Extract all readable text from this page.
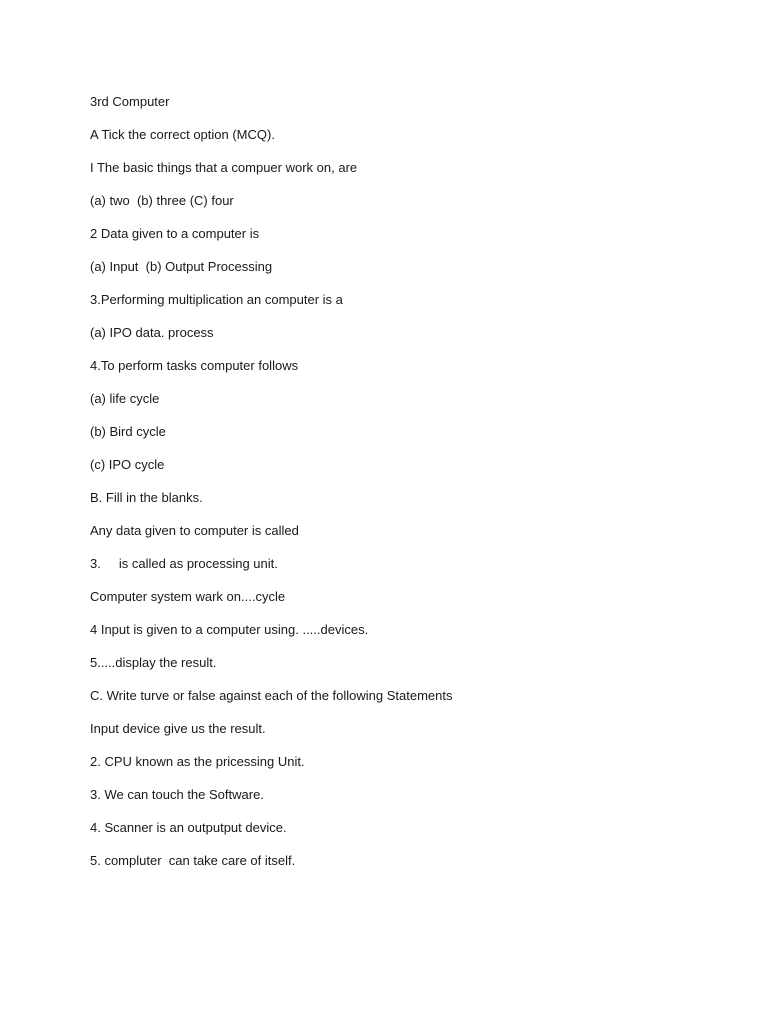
3rd Computer

A Tick the correct option (MCQ).

I The basic things that a compuer work on, are

(a) two  (b) three (C) four

2 Data given to a computer is

(a) Input  (b) Output Processing

3.Performing multiplication an computer is a

(a) IPO data. process

4.To perform tasks computer follows

(a) life cycle

(b) Bird cycle

(c) IPO cycle

B. Fill in the blanks.

Any data given to computer is called

3.     is called as processing unit.

Computer system wark on....cycle

4 Input is given to a computer using. .....devices.

5.....display the result.

C. Write turve or false against each of the following Statements

Input device give us the result.

2. CPU known as the pricessing Unit.

3. We can touch the Software.

4. Scanner is an outputput device.

5. compluter  can take care of itself.
